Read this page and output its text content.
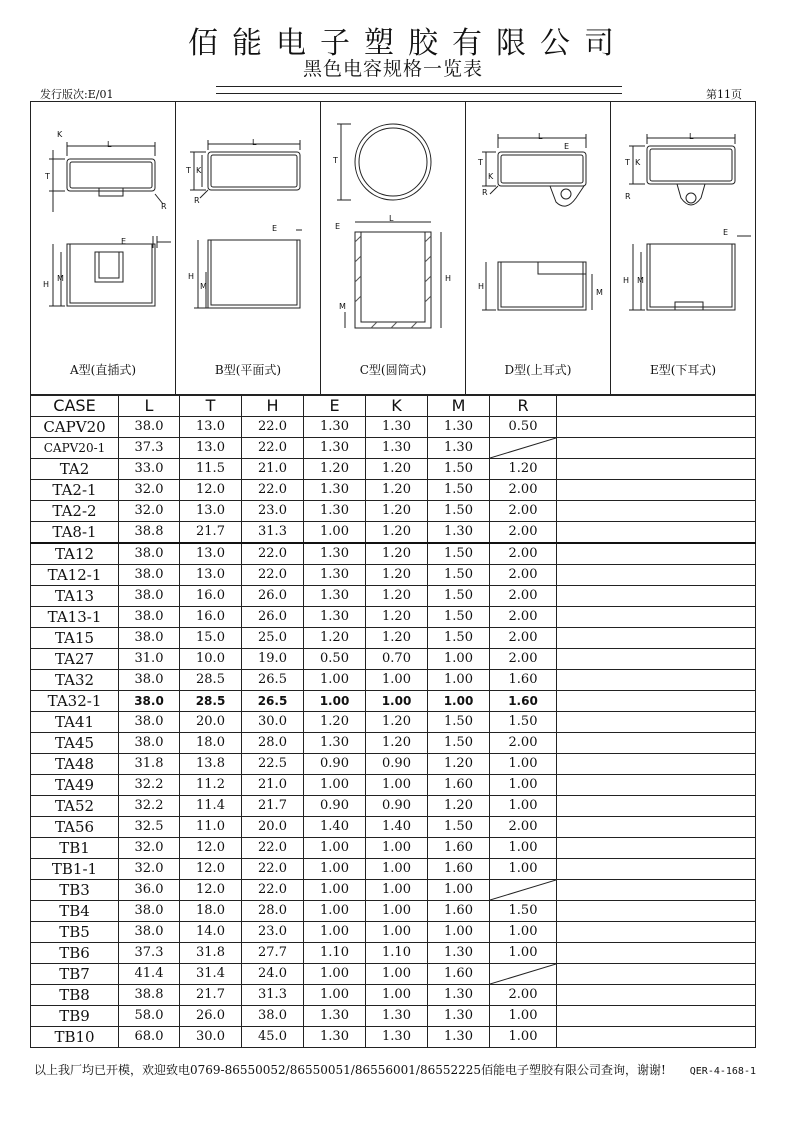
佰能电子塑胶有限公司
黑色电容规格一览表
发行版次:E/01	第11页
L
T
K
R
E
H
M
A型(直插式)
L
T K
R
E
H
M
B型(平面式)
T
E
L
H
M
C型(圆筒式)
L
E
T
K
R
H
M
D型(上耳式)
L
T K
R
E
H M
E型(下耳式)
CASE	L	T	H	E	K	M	R	
CAPV20	38.0	13.0	22.0	1.30	1.30	1.30	0.50	
CAPV20-1	37.3	13.0	22.0	1.30	1.30	1.30	

TA2	33.0	11.5	21.0	1.20	1.20	1.50	1.20	
TA2-1	32.0	12.0	22.0	1.30	1.20	1.50	2.00	
TA2-2	32.0	13.0	23.0	1.30	1.20	1.50	2.00	
TA8-1	38.8	21.7	31.3	1.00	1.20	1.30	2.00	
TA12	38.0	13.0	22.0	1.30	1.20	1.50	2.00	
TA12-1	38.0	13.0	22.0	1.30	1.20	1.50	2.00	
TA13	38.0	16.0	26.0	1.30	1.20	1.50	2.00	
TA13-1	38.0	16.0	26.0	1.30	1.20	1.50	2.00	
TA15	38.0	15.0	25.0	1.20	1.20	1.50	2.00	
TA27	31.0	10.0	19.0	0.50	0.70	1.00	2.00	
TA32	38.0	28.5	26.5	1.00	1.00	1.00	1.60	
TA32-1	38.0	28.5	26.5	1.00	1.00	1.00	1.60	
TA41	38.0	20.0	30.0	1.20	1.20	1.50	1.50	
TA45	38.0	18.0	28.0	1.30	1.20	1.50	2.00	
TA48	31.8	13.8	22.5	0.90	0.90	1.20	1.00	
TA49	32.2	11.2	21.0	1.00	1.00	1.60	1.00	
TA52	32.2	11.4	21.7	0.90	0.90	1.20	1.00	
TA56	32.5	11.0	20.0	1.40	1.40	1.50	2.00	
TB1	32.0	12.0	22.0	1.00	1.00	1.60	1.00	
TB1-1	32.0	12.0	22.0	1.00	1.00	1.60	1.00	
TB3	36.0	12.0	22.0	1.00	1.00	1.00	

TB4	38.0	18.0	28.0	1.00	1.00	1.60	1.50	
TB5	38.0	14.0	23.0	1.00	1.00	1.00	1.00	
TB6	37.3	31.8	27.7	1.10	1.10	1.30	1.00	
TB7	41.4	31.4	24.0	1.00	1.00	1.60	

TB8	38.8	21.7	31.3	1.00	1.00	1.30	2.00	
TB9	58.0	26.0	38.0	1.30	1.30	1.30	1.00	
TB10	68.0	30.0	45.0	1.30	1.30	1.30	1.00	
以上我厂均已开模，欢迎致电0769-86550052/86550051/86556001/86552225佰能电子塑胶有限公司查询，谢谢! QER-4-168-1
